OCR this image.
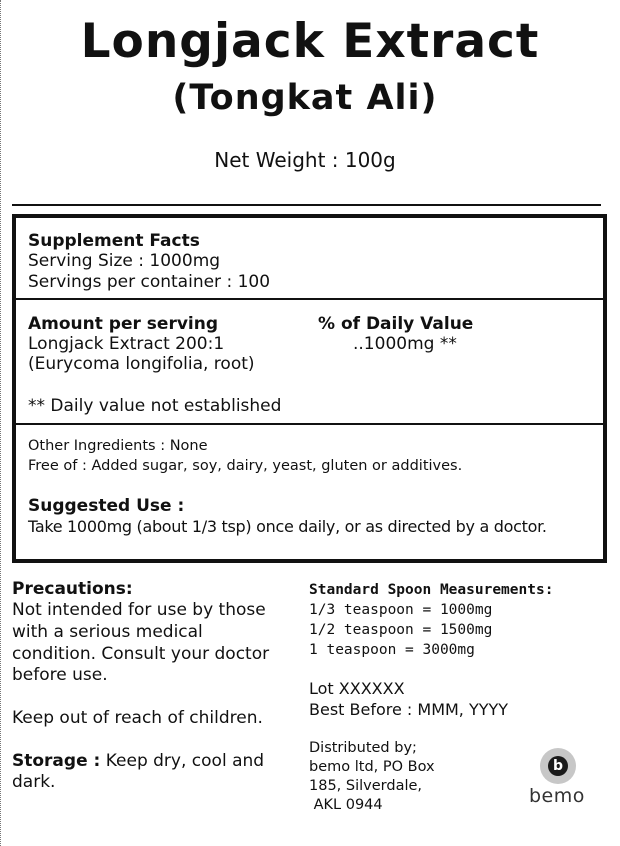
Longjack Extract
(Tongkat Ali)
Net Weight : 100g
Supplement Facts
Serving Size : 1000mg
Servings per container : 100
Amount per serving	% of Daily Value
Longjack Extract 200:1	..1000mg **
(Eurycoma longifolia, root)
** Daily value not established
Other Ingredients : None
Free of : Added sugar, soy, dairy, yeast, gluten or additives.
Suggested Use :
Take 1000mg (about 1/3 tsp) once daily, or as directed by a doctor.
Precautions:
Not intended for use by those
with a serious medical
condition. Consult your doctor
before use.
Keep out of reach of children.
Storage : Keep dry, cool and
dark.
Standard Spoon Measurements:
1/3 teaspoon = 1000mg
1/2 teaspoon = 1500mg
1 teaspoon = 3000mg
Lot XXXXXX
Best Before : MMM, YYYY
Distributed by;
bemo ltd, PO Box
185, Silverdale,
AKL 0944
b
bemo
